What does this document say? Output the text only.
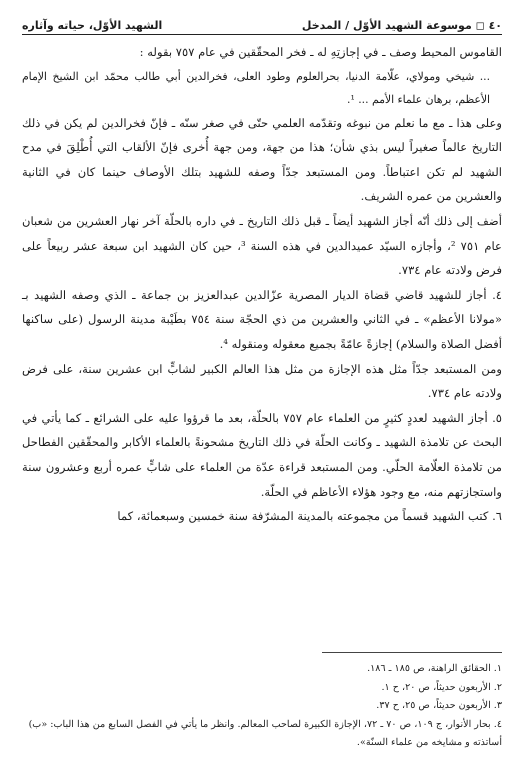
٤٠ ◻ موسوعة الشهيد الأوّل / المدخل
الشهيد الأوّل، حياته وآثاره

القاموس المحيط وصف ـ في إجازتِهِ له ـ فخر المحقّقين في عام ٧٥٧ بقوله :

... شيخي ومولاي، علّامة الدنيا، بحرالعلوم وطود العلى، فخرالدين أبي طالب محمّد ابن الشيخ الإمام الأعظم، برهان علماء الأمم ... ¹.

وعلى هذا ـ مع ما نعلم من نبوغه وتقدّمه العلمي حتّى في صغر سنّه ـ فإنّ فخرالدين لم يكن في ذلك التاريخ عالماً صغيراً ليس بذي شأن؛ هذا من جهة، ومن جهة أُخرى فإنّ الألقاب التي أُطْلِقَ في مدح الشهيد لم تكن اعتباطاً. ومن المستبعد جدّاً وصفه للشهيد بتلك الأوصاف حينما كان في الثانية والعشرين من عمره الشريف.

أضف إلى ذلك أنّه أجاز الشهيد أيضاً ـ قبل ذلك التاريخ ـ في داره بالحلّة آخر نهار العشرين من شعبان عام ٧٥١ ²، وأجازه السيّد عميدالدين في هذه السنة ³، حين كان الشهيد ابن سبعة عشر ربيعاً على فرض ولادته عام ٧٣٤.

٤. أجاز للشهيد قاضي قضاة الديار المصرية عزّالدين عبدالعزيز بن جماعة ـ الذي وصفه الشهيد بـ «مولانا الأعظم» ـ في الثاني والعشرين من ذي الحجّة سنة ٧٥٤ بطَيْبة مدينة الرسول (على ساكنها أفضل الصلاة والسلام) إجازةً عامّةً بجميع معقوله ومنقوله ⁴.

ومن المستبعد جدّاً مثل هذه الإجازة من مثل هذا العالم الكبير لشابٍّ ابن عشرين سنة، على فرض ولادته عام ٧٣٤.

٥. أجاز الشهيد لعددٍ كثيرٍ من العلماء عام ٧٥٧ بالحلّة، بعد ما قرؤوا عليه على الشرائع ـ كما يأتي في البحث عن تلامذة الشهيد ـ وكانت الحلّة في ذلك التاريخ مشحونةً بالعلماء الأكابر والمحقّقين الفطاحل من تلامذة العلّامة الحلّي. ومن المستبعد قراءة عدّة من العلماء على شابٍّ عمره أربع وعشرون سنة واستجازتهم منه، مع وجود هؤلاء الأعاظم في الحلّة.

٦. كتب الشهيد قسماً من مجموعته بالمدينة المشرّفة سنة خمسين وسبعمائة، كما

١. الحقائق الراهنة، ص ١٨٥ ـ ١٨٦.

٢. الأربعون حديثاً، ص ٢٠، ح ١.

٣. الأربعون حديثاً، ص ٢٥، ح ٣٧.

٤. بحار الأنوار، ج ١٠٩، ص ٧٠ ـ ٧٢، الإجازة الكبيرة لصاحب المعالم. وانظر ما يأتي في الفصل السابع من هذا الباب: «ب) أساتذته و مشايخه من علماء السنّة».
